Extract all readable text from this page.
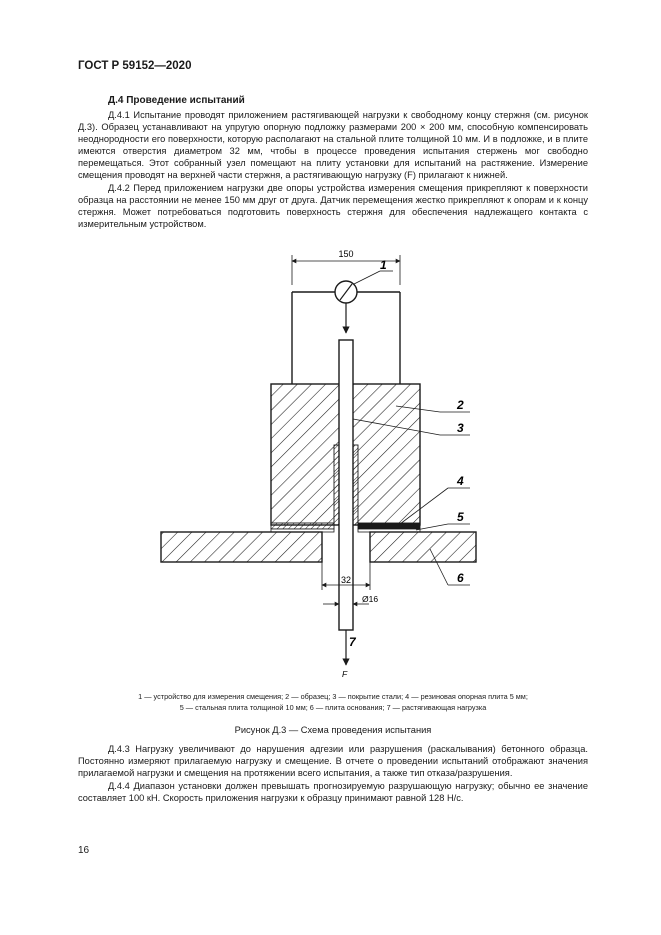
ГОСТ Р 59152—2020
Д.4 Проведение испытаний

Д.4.1 Испытание проводят приложением растягивающей нагрузки к свободному концу стержня (см. рисунок Д.3). Образец устанавливают на упругую опорную подложку размерами 200 × 200 мм, способную компенсировать неоднородности его поверхности, которую располагают на стальной плите толщиной 10 мм. И в подложке, и в плите имеются отверстия диаметром 32 мм, чтобы в процессе проведения испытания стержень мог свободно перемещаться. Этот собранный узел помещают на плиту установки для испытаний на растяжение. Измерение смещения проводят на верхней части стержня, а растягивающую нагрузку (F) прилагают к нижней.

Д.4.2 Перед приложением нагрузки две опоры устройства измерения смещения прикрепляют к поверхности образца на расстоянии не менее 150 мм друг от друга. Датчик перемещения жестко прикрепляют к опорам и к концу стержня. Может потребоваться подготовить поверхность стержня для обеспечения надлежащего контакта с измерительным устройством.

150
32
Ø16
F
1
2
3
4
5
6
7
1 — устройство для измерения смещения; 2 — образец; 3 — покрытие стали; 4 — резиновая опорная плита 5 мм;
5 — стальная плита толщиной 10 мм; 6 — плита основания; 7 — растягивающая нагрузка
Рисунок Д.3 — Схема проведения испытания

Д.4.3 Нагрузку увеличивают до нарушения адгезии или разрушения (раскалывания) бетонного образца. Постоянно измеряют прилагаемую нагрузку и смещение. В отчете о проведении испытаний отображают значения прилагаемой нагрузки и смещения на протяжении всего испытания, а также тип отказа/разрушения.

Д.4.4 Диапазон установки должен превышать прогнозируемую разрушающую нагрузку; обычно ее значение составляет 100 кН. Скорость приложения нагрузки к образцу принимают равной 128 Н/с.

16
